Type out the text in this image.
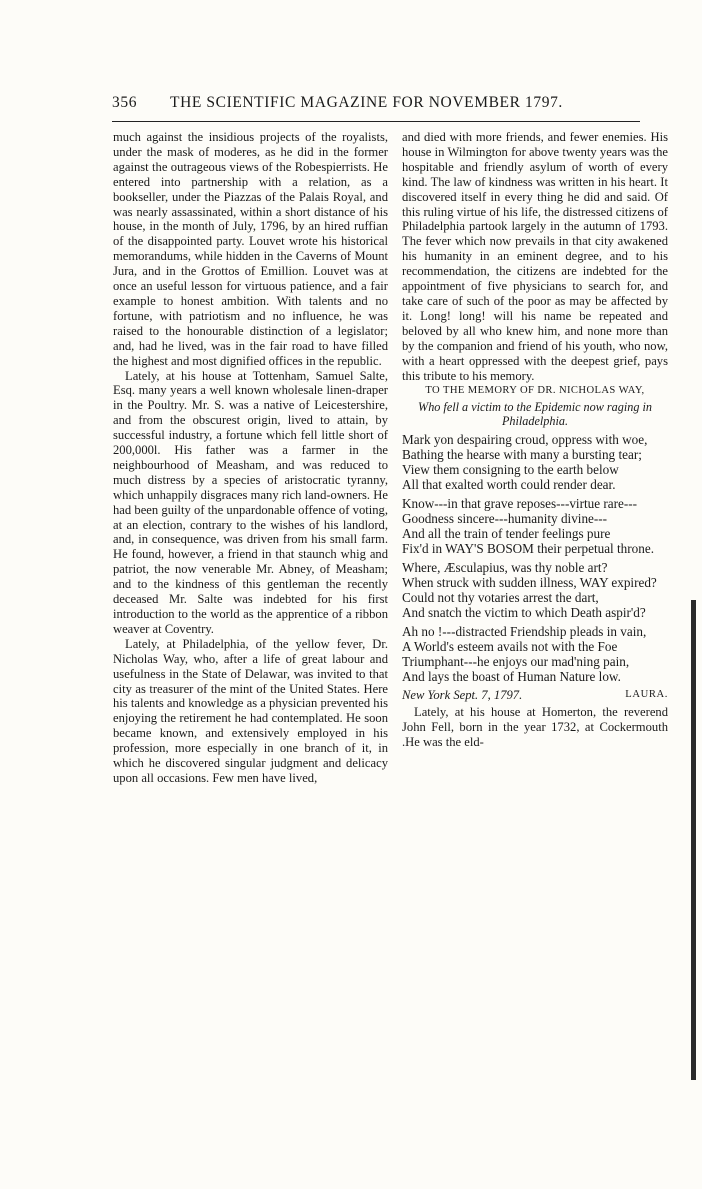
356 THE SCIENTIFIC MAGAZINE FOR NOVEMBER 1797.

much against the insidious projects of the royalists, under the mask of moderes, as he did in the former against the outrageous views of the Robespierrists. He entered into partnership with a relation, as a bookseller, under the Piazzas of the Palais Royal, and was nearly assassinated, within a short distance of his house, in the month of July, 1796, by an hired ruffian of the disappointed party. Louvet wrote his historical memorandums, while hidden in the Caverns of Mount Jura, and in the Grottos of Emillion. Louvet was at once an useful lesson for virtuous patience, and a fair example to honest ambition. With talents and no fortune, with patriotism and no influence, he was raised to the honourable distinction of a legislator; and, had he lived, was in the fair road to have filled the highest and most dignified offices in the republic.

Lately, at his house at Tottenham, Samuel Salte, Esq. many years a well known wholesale linen-draper in the Poultry. Mr. S. was a native of Leicestershire, and from the obscurest origin, lived to attain, by successful industry, a fortune which fell little short of 200,000l. His father was a farmer in the neighbourhood of Measham, and was reduced to much distress by a species of aristocratic tyranny, which unhappily disgraces many rich land-owners. He had been guilty of the unpardonable offence of voting, at an election, contrary to the wishes of his landlord, and, in consequence, was driven from his small farm. He found, however, a friend in that staunch whig and patriot, the now venerable Mr. Abney, of Measham; and to the kindness of this gentleman the recently deceased Mr. Salte was indebted for his first introduction to the world as the apprentice of a ribbon weaver at Coventry.

Lately, at Philadelphia, of the yellow fever, Dr. Nicholas Way, who, after a life of great labour and usefulness in the State of Delawar, was invited to that city as treasurer of the mint of the United States. Here his talents and knowledge as a physician prevented his enjoying the retirement he had contemplated. He soon became known, and extensively employed in his profession, more especially in one branch of it, in which he discovered singular judgment and delicacy upon all occasions. Few men have lived,

and died with more friends, and fewer enemies. His house in Wilmington for above twenty years was the hospitable and friendly asylum of worth of every kind. The law of kindness was written in his heart. It discovered itself in every thing he did and said. Of this ruling virtue of his life, the distressed citizens of Philadelphia partook largely in the autumn of 1793. The fever which now prevails in that city awakened his humanity in an eminent degree, and to his recommendation, the citizens are indebted for the appointment of five physicians to search for, and take care of such of the poor as may be affected by it. Long! long! will his name be repeated and beloved by all who knew him, and none more than by the companion and friend of his youth, who now, with a heart oppressed with the deepest grief, pays this tribute to his memory.

TO THE MEMORY OF DR. NICHOLAS WAY,
Who fell a victim to the Epidemic now raging in Philadelphia.
Mark yon despairing croud, oppress with woe,
Bathing the hearse with many a bursting tear;
View them consigning to the earth below
All that exalted worth could render dear.
Know---in that grave reposes---virtue rare---
Goodness sincere---humanity divine---
And all the train of tender feelings pure
Fix'd in WAY'S BOSOM their perpetual throne.
Where, Æsculapius, was thy noble art?
When struck with sudden illness, WAY expired?
Could not thy votaries arrest the dart,
And snatch the victim to which Death aspir'd?
Ah no !---distracted Friendship pleads in vain,
A World's esteem avails not with the Foe
Triumphant---he enjoys our mad'ning pain,
And lays the boast of Human Nature low.
New York Sept. 7, 1797.	LAURA.

Lately, at his house at Homerton, the reverend John Fell, born in the year 1732, at Cockermouth .He was the eld-
